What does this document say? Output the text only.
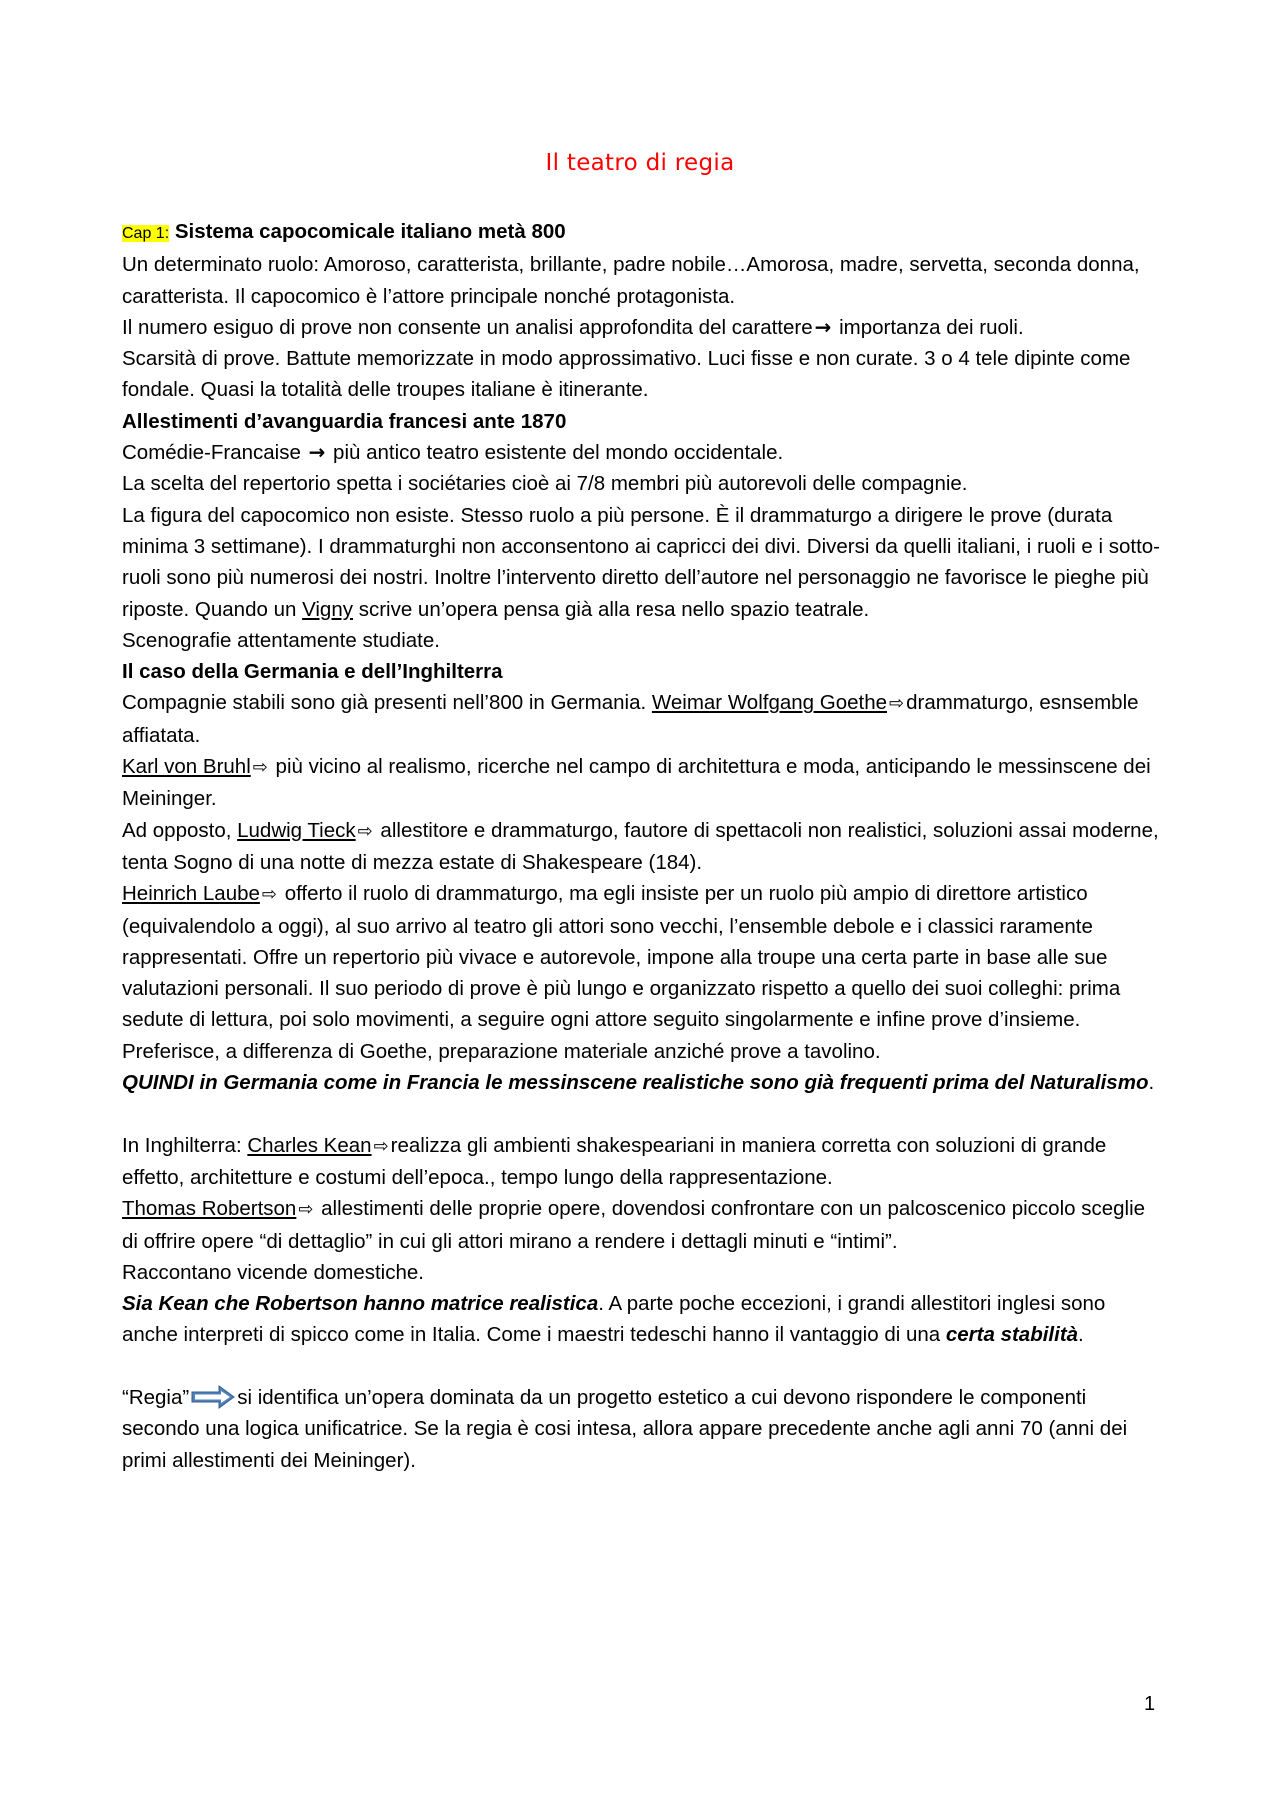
Il teatro di regia

Cap 1: Sistema capocomicale italiano metà 800

Un determinato ruolo: Amoroso, caratterista, brillante, padre nobile…Amorosa, madre, servetta, seconda donna, caratterista. Il capocomico è l’attore principale nonché protagonista.

Il numero esiguo di prove non consente un analisi approfondita del carattere → importanza dei ruoli.

Scarsità di prove. Battute memorizzate in modo approssimativo. Luci fisse e non curate. 3 o 4 tele dipinte come fondale. Quasi la totalità delle troupes italiane è itinerante.

Allestimenti d’avanguardia francesi ante 1870

Comédie-Francaise → più antico teatro esistente del mondo occidentale.

La scelta del repertorio spetta i sociétaries cioè ai 7/8 membri più autorevoli delle compagnie.

La figura del capocomico non esiste. Stesso ruolo a più persone. È il drammaturgo a dirigere le prove (durata minima 3 settimane). I drammaturghi non acconsentono ai capricci dei divi. Diversi da quelli italiani, i ruoli e i sotto-ruoli sono più numerosi dei nostri. Inoltre l’intervento diretto dell’autore nel personaggio ne favorisce le pieghe più riposte. Quando un Vigny scrive un’opera pensa già alla resa nello spazio teatrale.

Scenografie attentamente studiate.

Il caso della Germania e dell’Inghilterra

Compagnie stabili sono già presenti nell’800 in Germania. Weimar Wolfgang Goethe ⇨drammaturgo, esnsemble affiatata.

Karl von Bruhl ⇨ più vicino al realismo, ricerche nel campo di architettura e moda, anticipando le messinscene dei Meininger.

Ad opposto, Ludwig Tieck ⇨ allestitore e drammaturgo, fautore di spettacoli non realistici, soluzioni assai moderne, tenta Sogno di una notte di mezza estate di Shakespeare (184).

Heinrich Laube ⇨ offerto il ruolo di drammaturgo, ma egli insiste per un ruolo più ampio di direttore artistico (equivalendolo a oggi), al suo arrivo al teatro gli attori sono vecchi, l’ensemble debole e i classici raramente rappresentati. Offre un repertorio più vivace e autorevole, impone alla troupe una certa parte in base alle sue valutazioni personali. Il suo periodo di prove è più lungo e organizzato rispetto a quello dei suoi colleghi: prima sedute di lettura, poi solo movimenti, a seguire ogni attore seguito singolarmente e infine prove d’insieme. Preferisce, a differenza di Goethe, preparazione materiale anziché prove a tavolino.

QUINDI in Germania come in Francia le messinscene realistiche sono già frequenti prima del Naturalismo.

In Inghilterra: Charles Kean ⇨realizza gli ambienti shakespeariani in maniera corretta con soluzioni di grande effetto, architetture e costumi dell’epoca., tempo lungo della rappresentazione.

Thomas Robertson ⇨ allestimenti delle proprie opere, dovendosi confrontare con un palcoscenico piccolo sceglie di offrire opere “di dettaglio” in cui gli attori mirano a rendere i dettagli minuti e “intimi”.

Raccontano vicende domestiche.

Sia Kean che Robertson hanno matrice realistica. A parte poche eccezioni, i grandi allestitori inglesi sono anche interpreti di spicco come in Italia. Come i maestri tedeschi hanno il vantaggio di una certa stabilità.

“Regia” si identifica un’opera dominata da un progetto estetico a cui devono rispondere le componenti secondo una logica unificatrice. Se la regia è cosi intesa, allora appare precedente anche agli anni 70 (anni dei primi allestimenti dei Meininger).

1
